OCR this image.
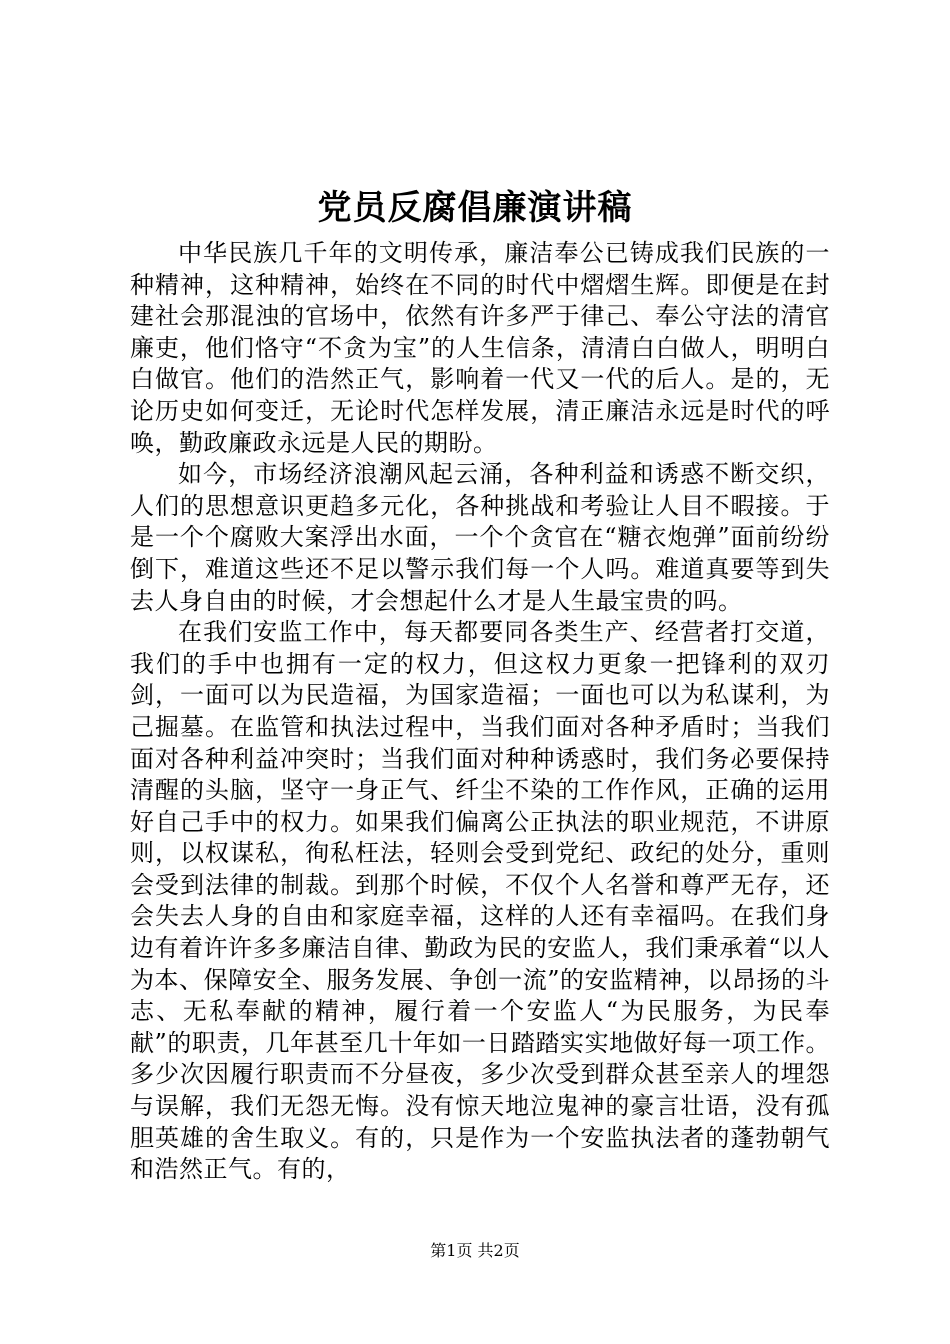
党员反腐倡廉演讲稿

中华民族几千年的文明传承，廉洁奉公已铸成我们民族的一种精神，这种精神，始终在不同的时代中熠熠生辉。即便是在封建社会那混浊的官场中，依然有许多严于律己、奉公守法的清官廉吏，他们恪守“不贪为宝”的人生信条，清清白白做人，明明白白做官。他们的浩然正气，影响着一代又一代的后人。是的，无论历史如何变迁，无论时代怎样发展，清正廉洁永远是时代的呼唤，勤政廉政永远是人民的期盼。

如今，市场经济浪潮风起云涌，各种利益和诱惑不断交织，人们的思想意识更趋多元化，各种挑战和考验让人目不暇接。于是一个个腐败大案浮出水面，一个个贪官在“糖衣炮弹”面前纷纷倒下，难道这些还不足以警示我们每一个人吗。难道真要等到失去人身自由的时候，才会想起什么才是人生最宝贵的吗。

在我们安监工作中，每天都要同各类生产、经营者打交道，我们的手中也拥有一定的权力，但这权力更象一把锋利的双刃剑，一面可以为民造福，为国家造福；一面也可以为私谋利，为己掘墓。在监管和执法过程中，当我们面对各种矛盾时；当我们面对各种利益冲突时；当我们面对种种诱惑时，我们务必要保持清醒的头脑，坚守一身正气、纤尘不染的工作作风，正确的运用好自己手中的权力。如果我们偏离公正执法的职业规范，不讲原则，以权谋私，徇私枉法，轻则会受到党纪、政纪的处分，重则会受到法律的制裁。到那个时候，不仅个人名誉和尊严无存，还会失去人身的自由和家庭幸福，这样的人还有幸福吗。在我们身边有着许许多多廉洁自律、勤政为民的安监人，我们秉承着“以人为本、保障安全、服务发展、争创一流”的安监精神，以昂扬的斗志、无私奉献的精神，履行着一个安监人“为民服务，为民奉献”的职责，几年甚至几十年如一日踏踏实实地做好每一项工作。多少次因履行职责而不分昼夜，多少次受到群众甚至亲人的埋怨与误解，我们无怨无悔。没有惊天地泣鬼神的豪言壮语，没有孤胆英雄的舍生取义。有的，只是作为一个安监执法者的蓬勃朝气和浩然正气。有的，

第1页 共2页
